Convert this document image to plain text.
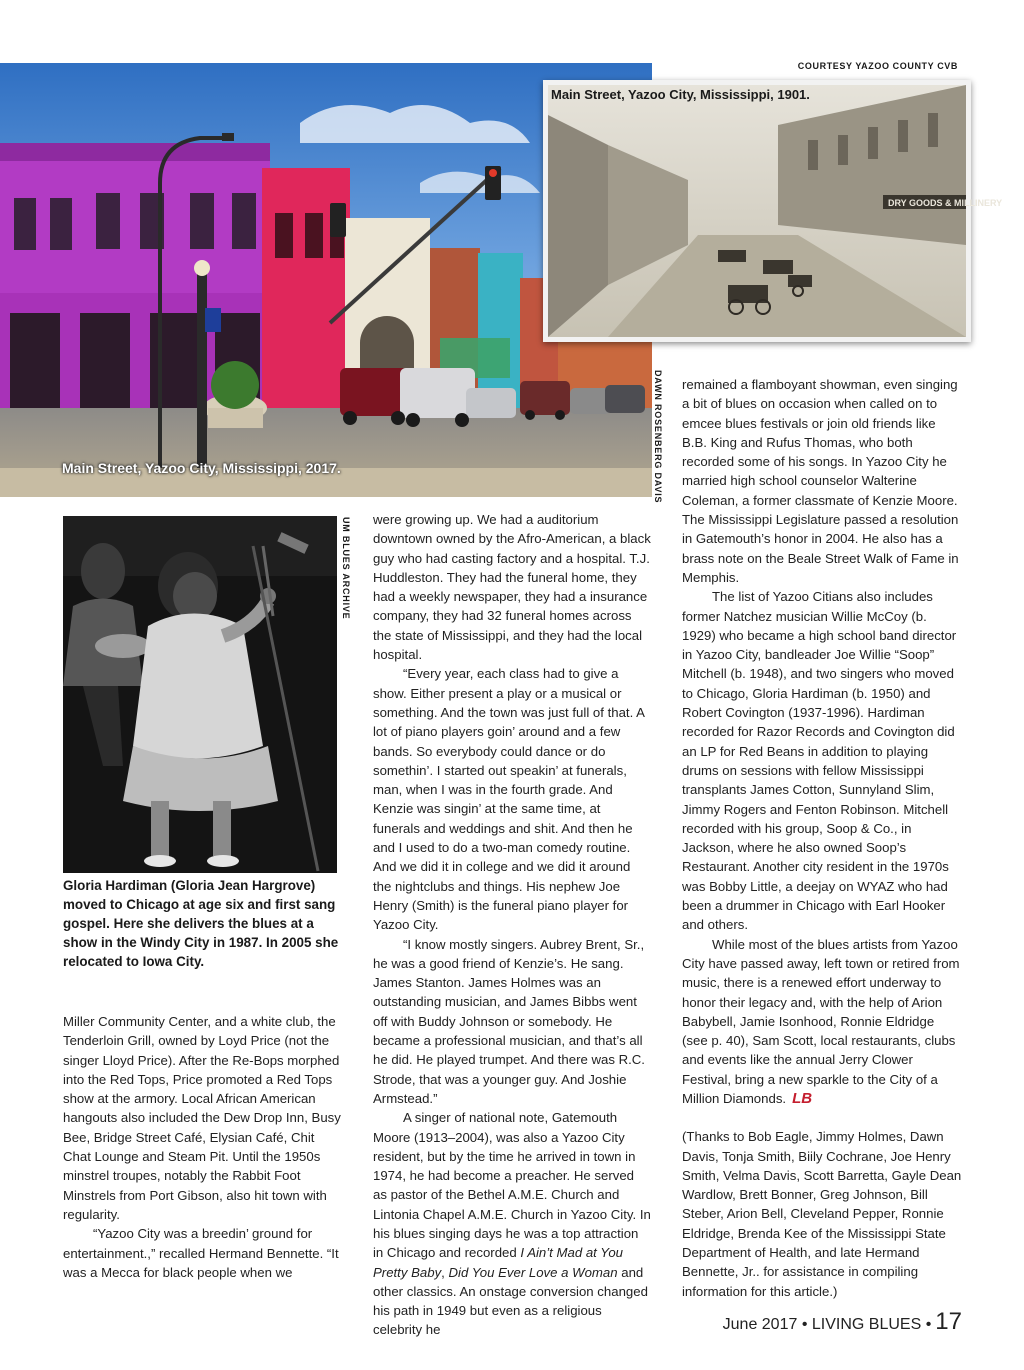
Main Street, Yazoo City, Mississippi, 2017.
DRY GOODS & MILLINERY
Main Street, Yazoo City, Mississippi, 1901.
COURTESY YAZOO COUNTY CVB
DAWN ROSENBERG DAVIS
UM BLUES ARCHIVE
Gloria Hardiman (Gloria Jean Hargrove) moved to Chicago at age six and first sang gospel. Here she delivers the blues at a show in the Windy City in 1987. In 2005 she relocated to Iowa City.

Miller Community Center, and a white club, the Tenderloin Grill, owned by Loyd Price (not the singer Lloyd Price). After the Re-Bops morphed into the Red Tops, Price promoted a Red Tops show at the armory. Local African American hangouts also included the Dew Drop Inn, Busy Bee, Bridge Street Café, Elysian Café, Chit Chat Lounge and Steam Pit. Until the 1950s minstrel troupes, notably the Rabbit Foot Minstrels from Port Gibson, also hit town with regularity.

“Yazoo City was a breedin’ ground for entertainment.,” recalled Hermand Bennette. “It was a Mecca for black people when we

were growing up. We had a auditorium downtown owned by the Afro-American, a black guy who had casting factory and a hospital. T.J. Huddleston. They had the funeral home, they had a weekly newspaper, they had a insurance company, they had 32 funeral homes across the state of Mississippi, and they had the local hospital.

“Every year, each class had to give a show. Either present a play or a musical or something. And the town was just full of that. A lot of piano players goin’ around and a few bands. So everybody could dance or do somethin’. I started out speakin’ at funerals, man, when I was in the fourth grade. And Kenzie was singin’ at the same time, at funerals and weddings and shit. And then he and I used to do a two-man comedy routine. And we did it in college and we did it around the nightclubs and things. His nephew Joe Henry (Smith) is the funeral piano player for Yazoo City.

“I know mostly singers. Aubrey Brent, Sr., he was a good friend of Kenzie’s. He sang. James Stanton. James Holmes was an outstanding musician, and James Bibbs went off with Buddy Johnson or somebody. He became a professional musician, and that’s all he did. He played trumpet. And there was R.C. Strode, that was a younger guy. And Joshie Armstead.”

A singer of national note, Gatemouth Moore (1913–2004), was also a Yazoo City resident, but by the time he arrived in town in 1974, he had become a preacher. He served as pastor of the Bethel A.M.E. Church and Lintonia Chapel A.M.E. Church in Yazoo City. In his blues singing days he was a top attraction in Chicago and recorded I Ain’t Mad at You Pretty Baby, Did You Ever Love a Woman and other classics. An onstage conversion changed his path in 1949 but even as a religious celebrity he

remained a flamboyant showman, even singing a bit of blues on occasion when called on to emcee blues festivals or join old friends like B.B. King and Rufus Thomas, who both recorded some of his songs. In Yazoo City he married high school counselor Walterine Coleman, a former classmate of Kenzie Moore. The Mississippi Legislature passed a resolution in Gatemouth’s honor in 2004. He also has a brass note on the Beale Street Walk of Fame in Memphis.

The list of Yazoo Citians also includes former Natchez musician Willie McCoy (b. 1929) who became a high school band director in Yazoo City, bandleader Joe Willie “Soop” Mitchell (b. 1948), and two singers who moved to Chicago, Gloria Hardiman (b. 1950) and Robert Covington (1937-1996). Hardiman recorded for Razor Records and Covington did an LP for Red Beans in addition to playing drums on sessions with fellow Mississippi transplants James Cotton, Sunnyland Slim, Jimmy Rogers and Fenton Robinson. Mitchell recorded with his group, Soop & Co., in Jackson, where he also owned Soop’s Restaurant. Another city resident in the 1970s was Bobby Little, a deejay on WYAZ who had been a drummer in Chicago with Earl Hooker and others.

While most of the blues artists from Yazoo City have passed away, left town or retired from music, there is a renewed effort underway to honor their legacy and, with the help of Arion Babybell, Jamie Isonhood, Ronnie Eldridge (see p. 40), Sam Scott, local restaurants, clubs and events like the annual Jerry Clower Festival, bring a new sparkle to the City of a Million Diamonds. LB

(Thanks to Bob Eagle, Jimmy Holmes, Dawn Davis, Tonja Smith, Biily Cochrane, Joe Henry Smith, Velma Davis, Scott Barretta, Gayle Dean Wardlow, Brett Bonner, Greg Johnson, Bill Steber, Arion Bell, Cleveland Pepper, Ronnie Eldridge, Brenda Kee of the Mississippi State Department of Health, and late Hermand Bennette, Jr.. for assistance in compiling information for this article.)

June 2017 • LIVING BLUES • 17
